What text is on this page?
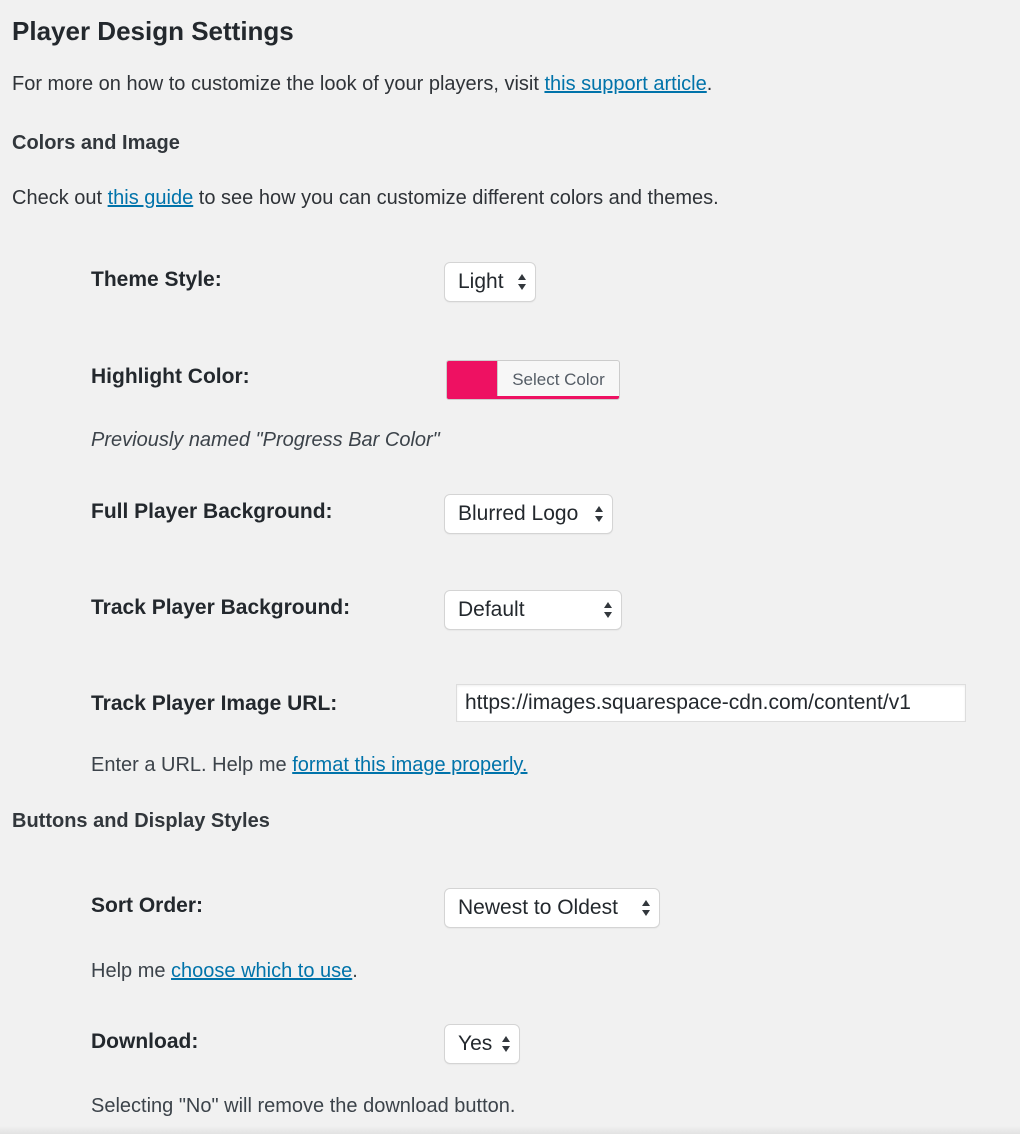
Player Design Settings
For more on how to customize the look of your players, visit this support article.
Colors and Image
Check out this guide to see how you can customize different colors and themes.
Theme Style:	Light
Highlight Color:	Select Color
Previously named "Progress Bar Color"
Full Player Background:	Blurred Logo
Track Player Background:	Default
Track Player Image URL:
https://images.squarespace-cdn.com/content/v1
Enter a URL. Help me format this image properly.
Buttons and Display Styles
Sort Order:	Newest to Oldest
Help me choose which to use.
Download:	Yes
Selecting "No" will remove the download button.
